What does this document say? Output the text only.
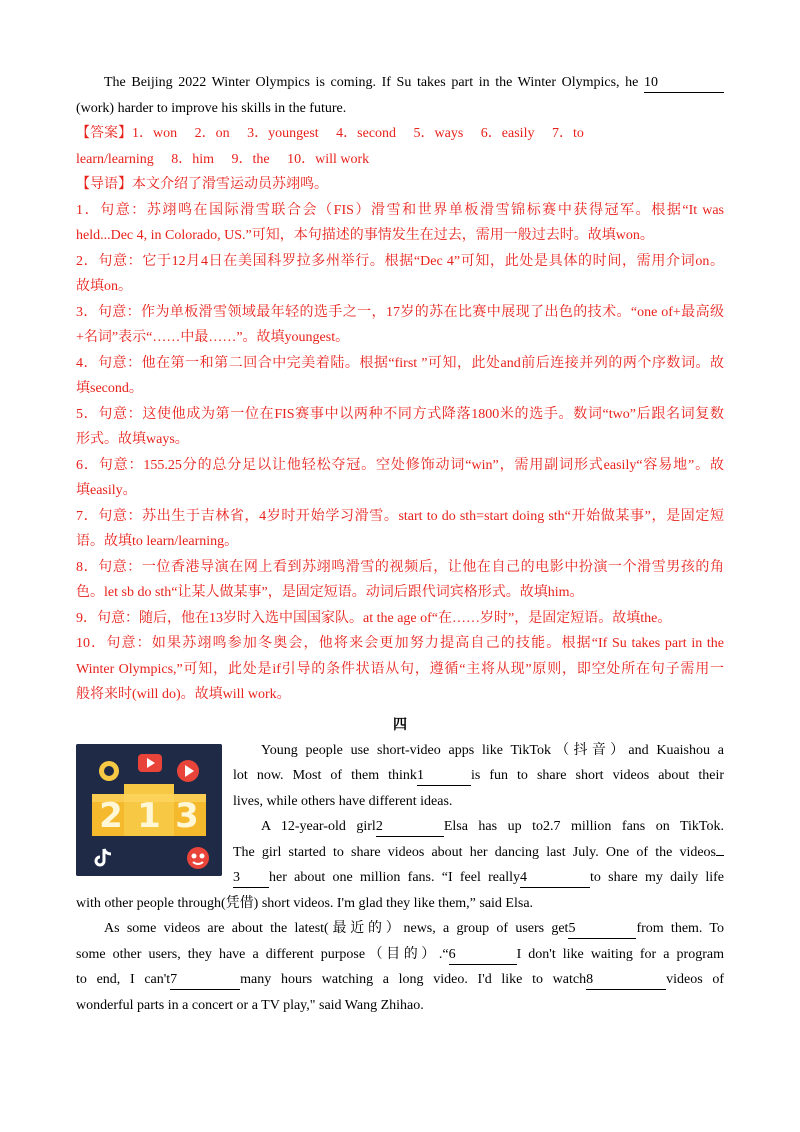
The Beijing 2022 Winter Olympics is coming. If Su takes part in the Winter Olympics, he 10
(work) harder to improve his skills in the future.
【答案】1．won　 2．on　 3．youngest　 4．second　 5．ways　 6．easily　 7．to
learn/learning　 8．him　 9．the　 10．will work
【导语】本文介绍了滑雪运动员苏翊鸣。
1．句意：苏翊鸣在国际滑雪联合会（FIS）滑雪和世界单板滑雪锦标赛中获得冠军。根据“It was
held...Dec 4, in Colorado, US.”可知，本句描述的事情发生在过去，需用一般过去时。故填won。
2．句意：它于12月4日在美国科罗拉多州举行。根据“Dec 4”可知，此处是具体的时间，需用介词on。
故填on。
3．句意：作为单板滑雪领域最年轻的选手之一，17岁的苏在比赛中展现了出色的技术。“one of+最高级
+名词”表示“……中最……”。故填youngest。
4．句意：他在第一和第二回合中完美着陆。根据“first ”可知，此处and前后连接并列的两个序数词。故
填second。
5．句意：这使他成为第一位在FIS赛事中以两种不同方式降落1800米的选手。数词“two”后跟名词复数
形式。故填ways。
6．句意：155.25分的总分足以让他轻松夺冠。空处修饰动词“win”，需用副词形式easily“容易地”。故
填easily。
7．句意：苏出生于吉林省，4岁时开始学习滑雪。start to do sth=start doing sth“开始做某事”，是固定短
语。故填to learn/learning。
8．句意：一位香港导演在网上看到苏翊鸣滑雪的视频后，让他在自己的电影中扮演一个滑雪男孩的角
色。let sb do sth“让某人做某事”，是固定短语。动词后跟代词宾格形式。故填him。
9．句意：随后，他在13岁时入选中国国家队。at the age of“在……岁时”，是固定短语。故填the。
10．句意：如果苏翊鸣参加冬奥会，他将来会更加努力提高自己的技能。根据“If Su takes part in the
Winter Olympics,”可知，此处是if引导的条件状语从句，遵循“主将从现”原则，即空处所在句子需用一
般将来时(will do)。故填will work。
四
2 1 3
Young people use short-video apps like TikTok（抖音）and Kuaishou a
lot now. Most of them think1	is fun to share short videos about their
lives, while others have different ideas.
A 12-year-old girl2	Elsa has up to2.7 million fans on TikTok.
The girl started to share videos about her dancing last July. One of the videos
3 her about one million fans. “I feel really4	to share my daily life
with other people through(凭借) short videos. I'm glad they like them,” said Elsa.
As some videos are about the latest(最近的）news, a group of users get5	from them. To
some other users, they have a different purpose（目的）.“6	I don't like waiting for a program
to end, I can't7	many hours watching a long video. I'd like to watch8	videos of
wonderful parts in a concert or a TV play," said Wang Zhihao.
